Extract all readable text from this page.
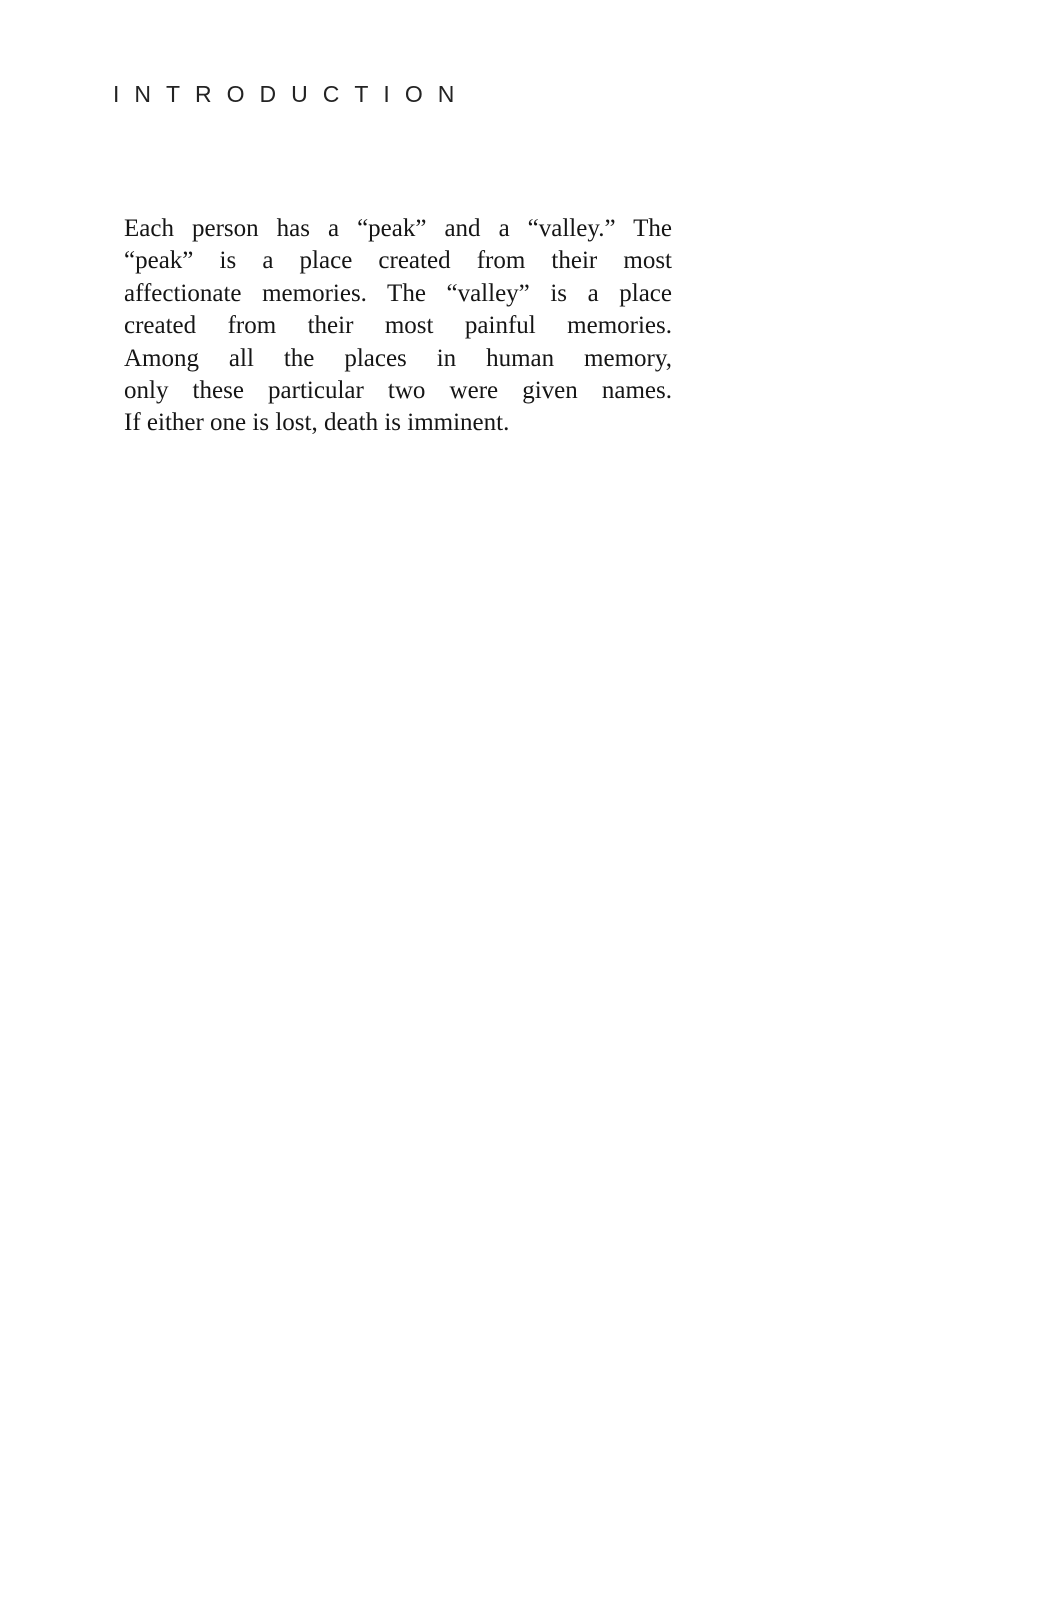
INTRODUCTION
Each person has a “peak” and a “valley.” The
“peak” is a place created from their most
affectionate memories. The “valley” is a place
created from their most painful memories.
Among all the places in human memory,
only these particular two were given names.
If either one is lost, death is imminent.
